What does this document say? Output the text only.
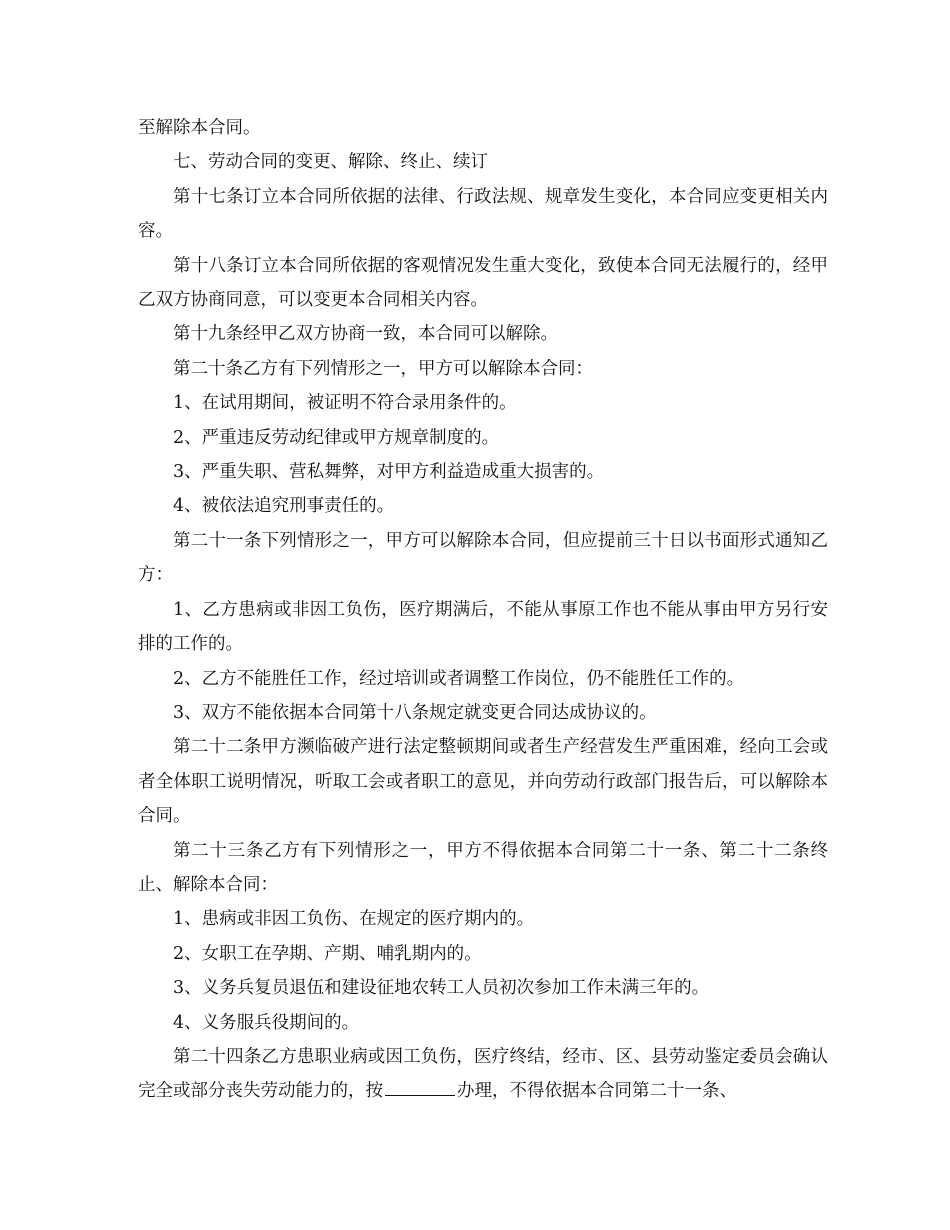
至解除本合同。

七、劳动合同的变更、解除、终止、续订

第十七条订立本合同所依据的法律、行政法规、规章发生变化，本合同应变更相关内容。

第十八条订立本合同所依据的客观情况发生重大变化，致使本合同无法履行的，经甲乙双方协商同意，可以变更本合同相关内容。

第十九条经甲乙双方协商一致，本合同可以解除。

第二十条乙方有下列情形之一，甲方可以解除本合同：

1、在试用期间，被证明不符合录用条件的。

2、严重违反劳动纪律或甲方规章制度的。

3、严重失职、营私舞弊，对甲方利益造成重大损害的。

4、被依法追究刑事责任的。

第二十一条下列情形之一，甲方可以解除本合同，但应提前三十日以书面形式通知乙方：

1、乙方患病或非因工负伤，医疗期满后，不能从事原工作也不能从事由甲方另行安排的工作的。

2、乙方不能胜任工作，经过培训或者调整工作岗位，仍不能胜任工作的。

3、双方不能依据本合同第十八条规定就变更合同达成协议的。

第二十二条甲方濒临破产进行法定整顿期间或者生产经营发生严重困难，经向工会或者全体职工说明情况，听取工会或者职工的意见，并向劳动行政部门报告后，可以解除本合同。

第二十三条乙方有下列情形之一，甲方不得依据本合同第二十一条、第二十二条终止、解除本合同：

1、患病或非因工负伤、在规定的医疗期内的。

2、女职工在孕期、产期、哺乳期内的。

3、义务兵复员退伍和建设征地农转工人员初次参加工作未满三年的。

4、义务服兵役期间的。

第二十四条乙方患职业病或因工负伤，医疗终结，经市、区、县劳动鉴定委员会确认完全或部分丧失劳动能力的，按	办理，不得依据本合同第二十一条、
